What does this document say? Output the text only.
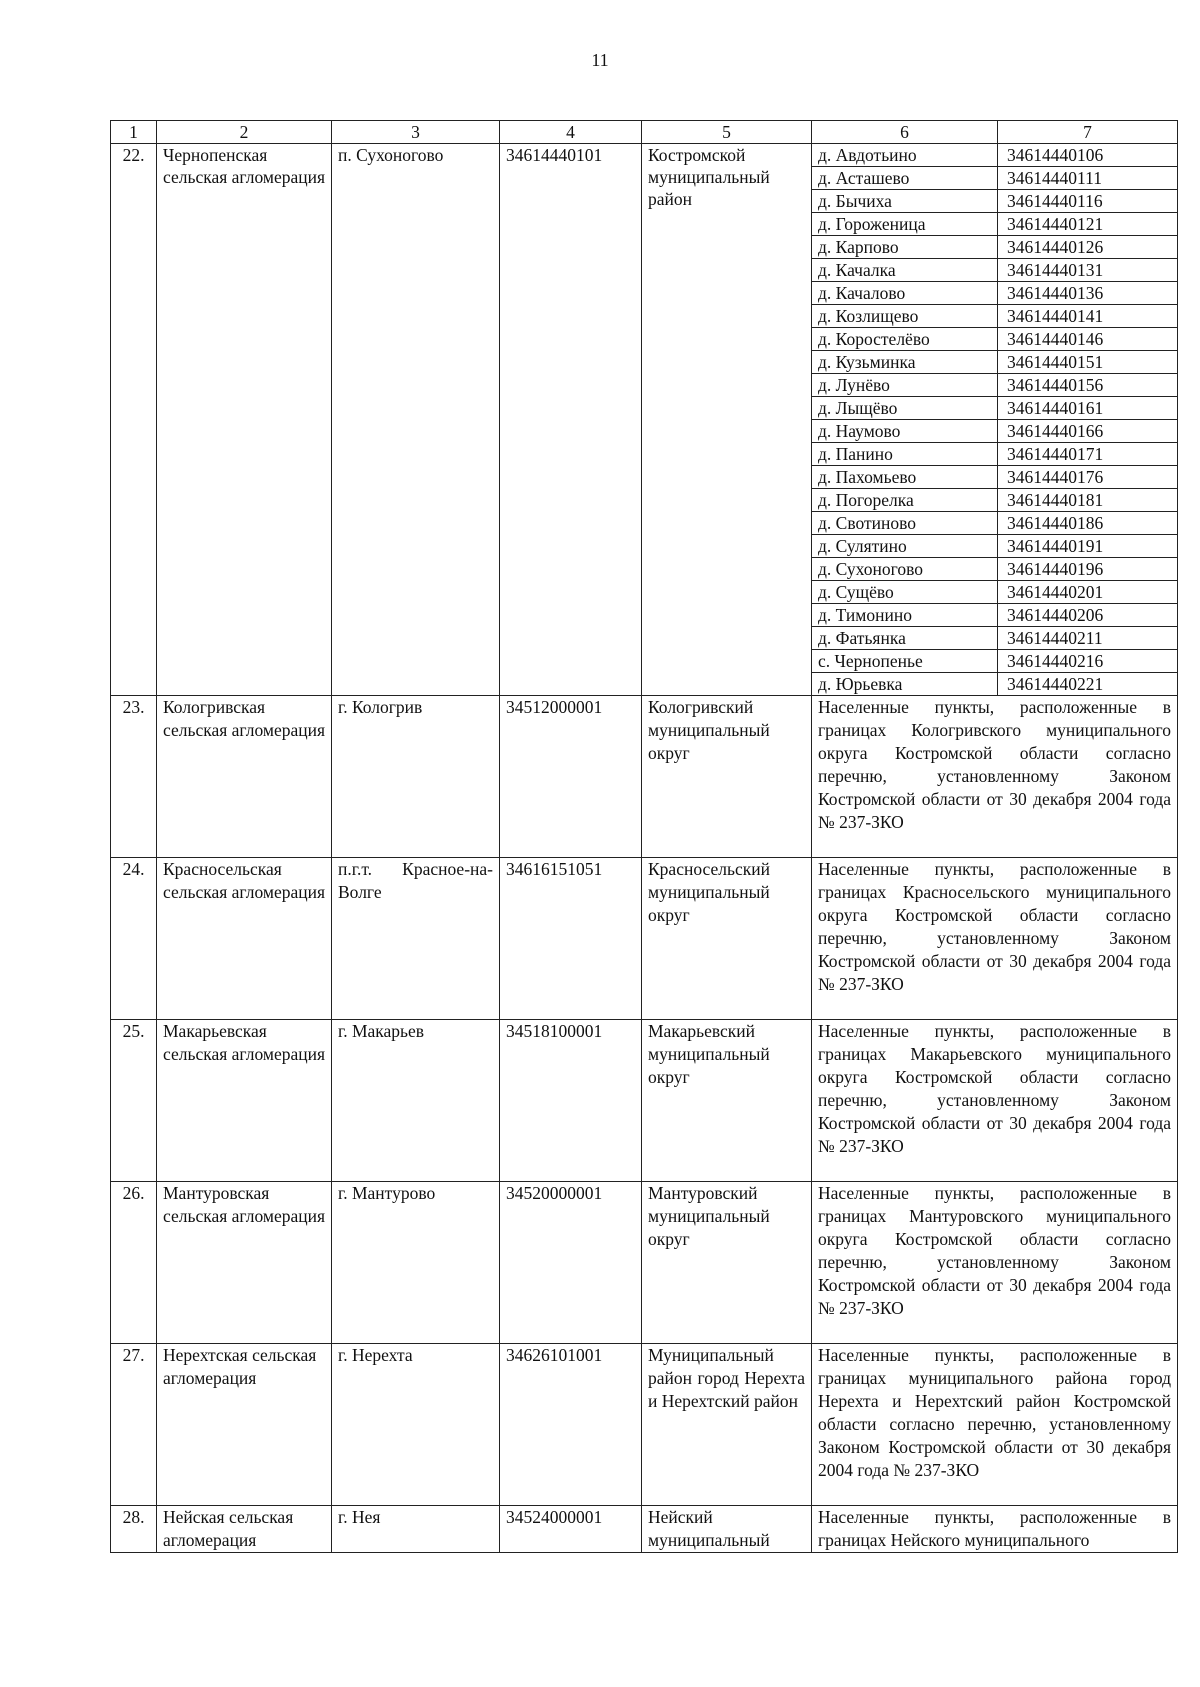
11
1	2	3	4	5	6	7
22.	Чернопенская сельская агломерация	п. Сухоногово	34614440101	Костромской муниципальный район	д. Авдотьино	34614440106
					д. Асташево	34614440111
					д. Бычиха	34614440116
					д. Гороженица	34614440121
					д. Карпово	34614440126
					д. Качалка	34614440131
					д. Качалово	34614440136
					д. Козлищево	34614440141
					д. Коростелёво	34614440146
					д. Кузьминка	34614440151
					д. Лунёво	34614440156
					д. Лыщёво	34614440161
					д. Наумово	34614440166
					д. Панино	34614440171
					д. Пахомьево	34614440176
					д. Погорелка	34614440181
					д. Свотиново	34614440186
					д. Сулятино	34614440191
					д. Сухоногово	34614440196
					д. Сущёво	34614440201
					д. Тимонино	34614440206
					д. Фатьянка	34614440211
					с. Чернопенье	34614440216
					д. Юрьевка	34614440221
23.	Кологривская сельская агломерация	г. Кологрив	34512000001	Кологривский муниципальный округ	Населенные пункты, расположенные в границах Кологривского муниципального округа Костромской области согласно перечню, установленному Законом Костромской области от 30 декабря 2004 года № 237-ЗКО	
24.	Красносельская сельская агломерация	п.г.т. Красное-на-Волге	34616151051	Красносельский муниципальный округ	Населенные пункты, расположенные в границах Красносельского муниципального округа Костромской области согласно перечню, установленному Законом Костромской области от 30 декабря 2004 года № 237-ЗКО	
25.	Макарьевская сельская агломерация	г. Макарьев	34518100001	Макарьевский муниципальный округ	Населенные пункты, расположенные в границах Макарьевского муниципального округа Костромской области согласно перечню, установленному Законом Костромской области от 30 декабря 2004 года № 237-ЗКО	
26.	Мантуровская сельская агломерация	г. Мантурово	34520000001	Мантуровский муниципальный округ	Населенные пункты, расположенные в границах Мантуровского муниципального округа Костромской области согласно перечню, установленному Законом Костромской области от 30 декабря 2004 года № 237-ЗКО	
27.	Нерехтская сельская агломерация	г. Нерехта	34626101001	Муниципальный район город Нерехта и Нерехтский район	Населенные пункты, расположенные в границах муниципального района город Нерехта и Нерехтский район Костромской области согласно перечню, установленному Законом Костромской области от 30 декабря 2004 года № 237-ЗКО	
28.	Нейская сельская агломерация	г. Нея	34524000001	Нейский муниципальный	Населенные пункты, расположенные в границах Нейского муниципального	
